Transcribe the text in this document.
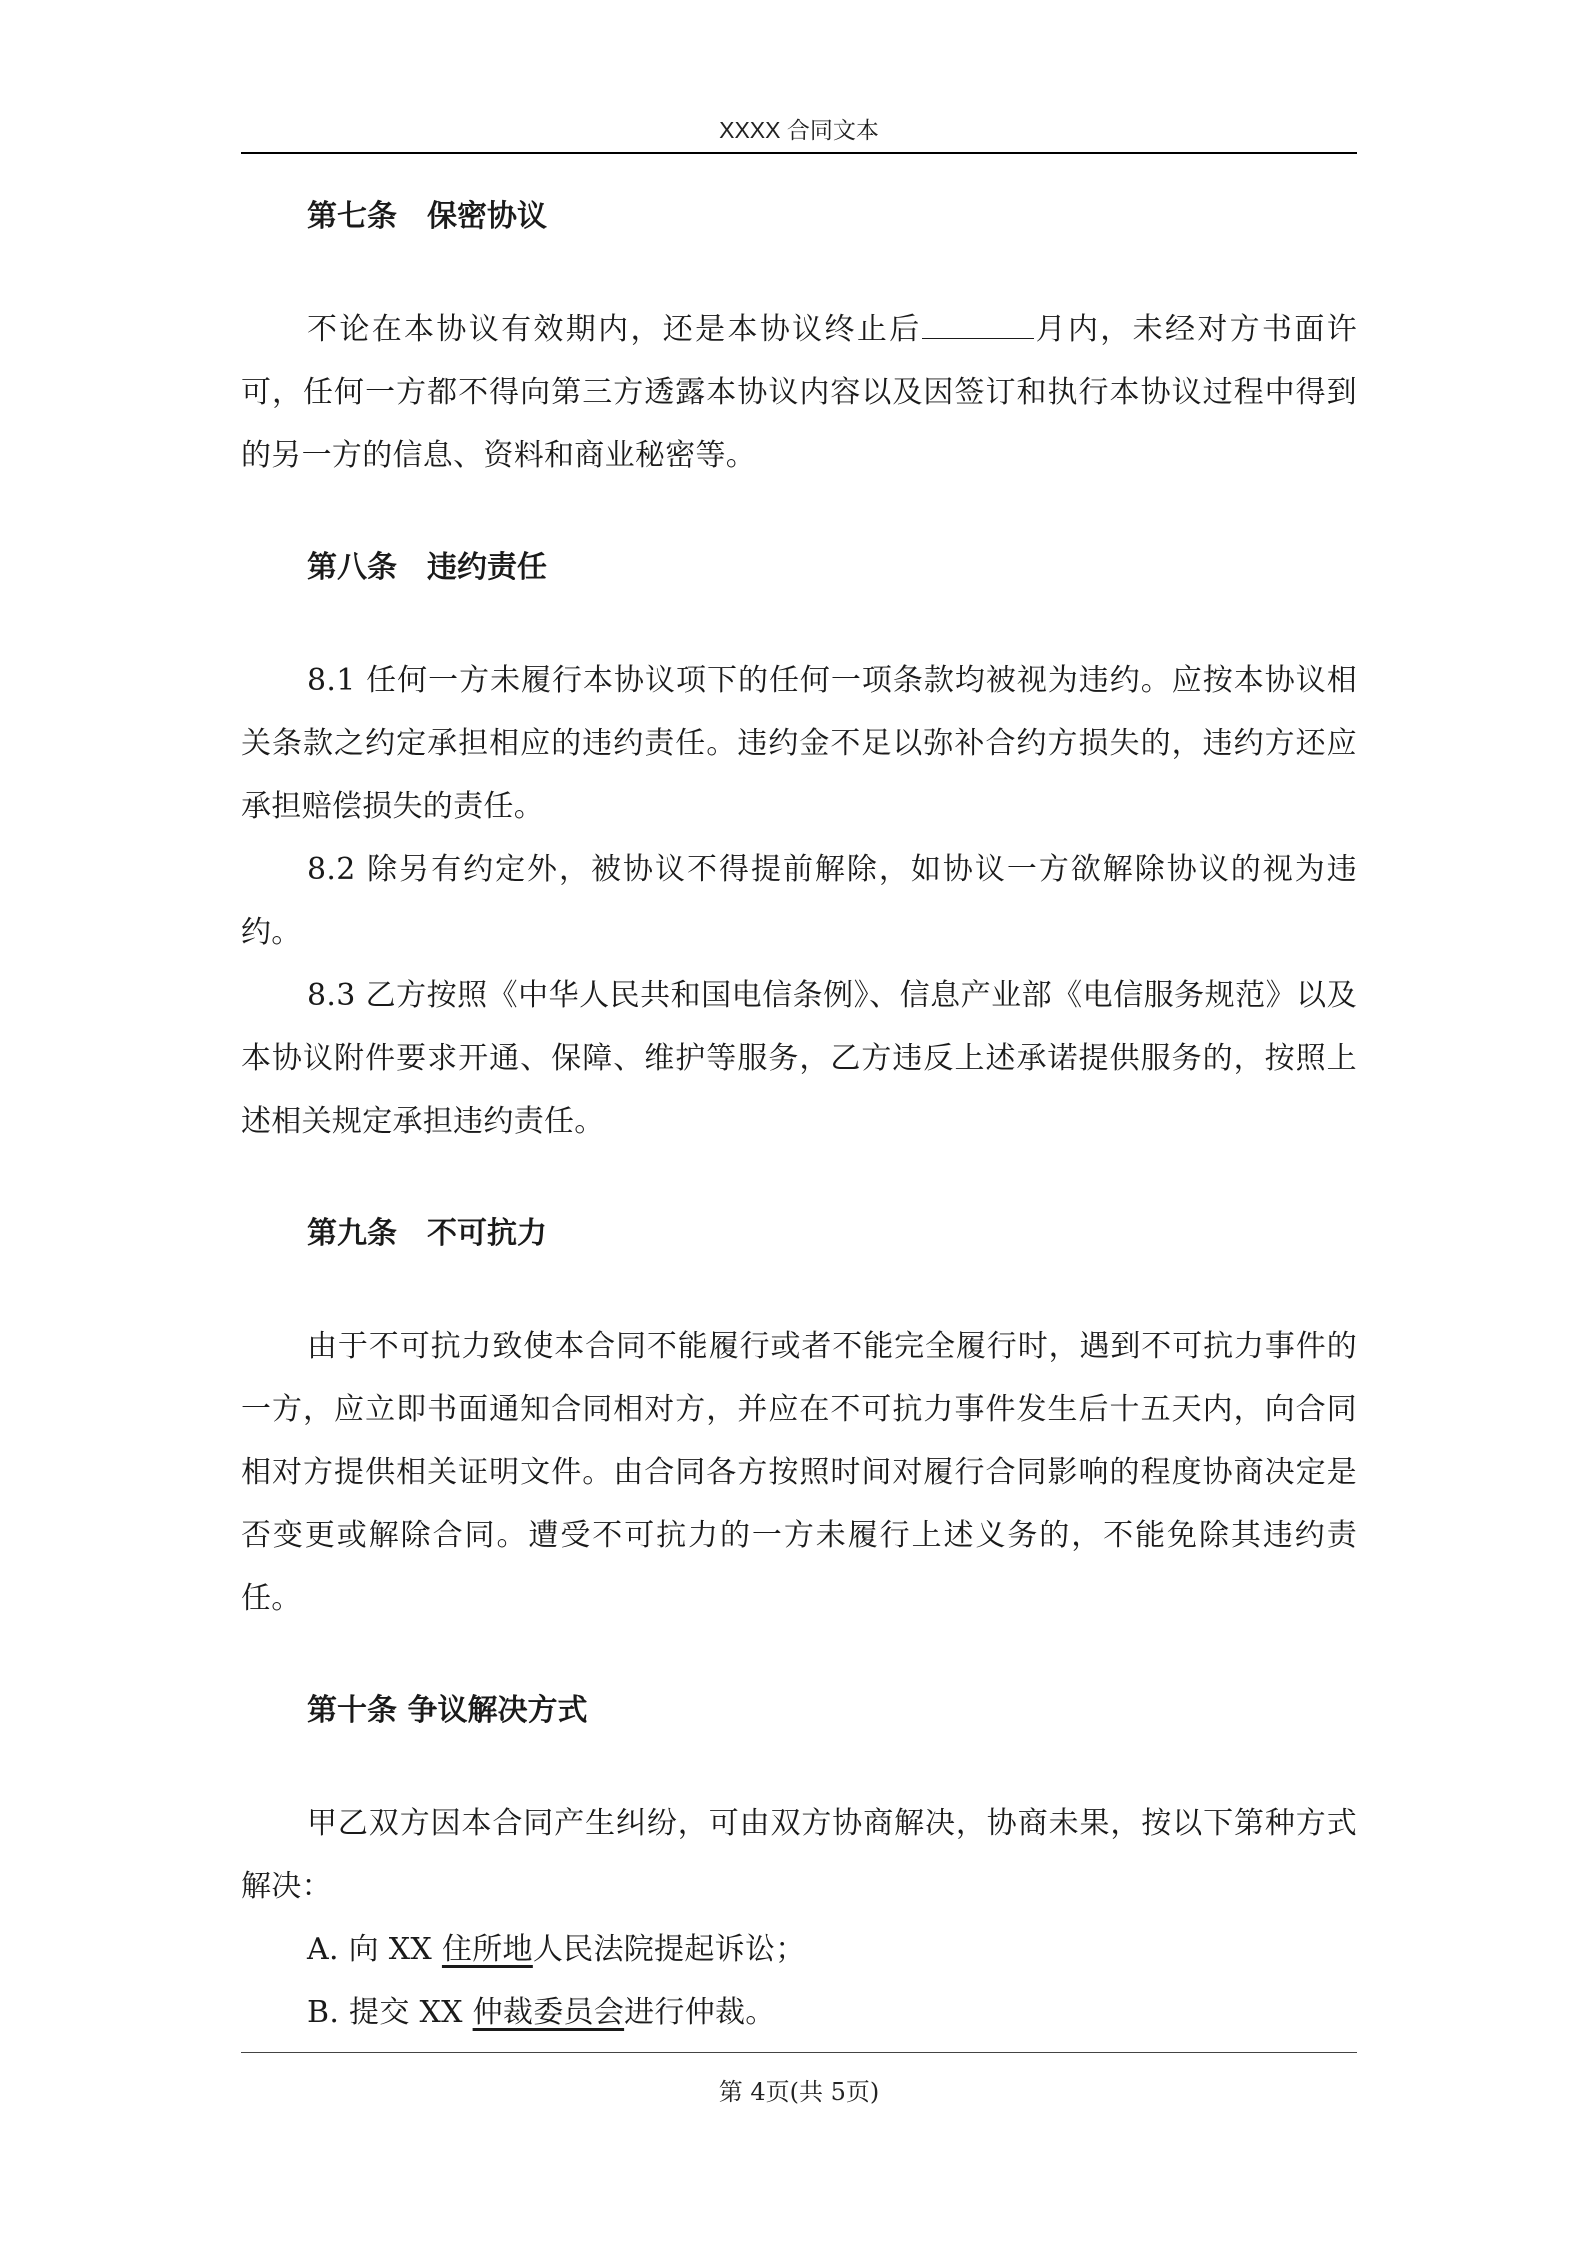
XXXX 合同文本
第七条　保密协议

不论在本协议有效期内，还是本协议终止后	月内，未经对方书面许可，任何一方都不得向第三方透露本协议内容以及因签订和执行本协议过程中得到的另一方的信息、资料和商业秘密等。

第八条　违约责任

8.1 任何一方未履行本协议项下的任何一项条款均被视为违约。应按本协议相关条款之约定承担相应的违约责任。违约金不足以弥补合约方损失的，违约方还应承担赔偿损失的责任。

8.2 除另有约定外，被协议不得提前解除，如协议一方欲解除协议的视为违约。

8.3 乙方按照《中华人民共和国电信条例》、信息产业部《电信服务规范》以及本协议附件要求开通、保障、维护等服务，乙方违反上述承诺提供服务的，按照上述相关规定承担违约责任。

第九条　不可抗力

由于不可抗力致使本合同不能履行或者不能完全履行时，遇到不可抗力事件的一方，应立即书面通知合同相对方，并应在不可抗力事件发生后十五天内，向合同相对方提供相关证明文件。由合同各方按照时间对履行合同影响的程度协商决定是否变更或解除合同。遭受不可抗力的一方未履行上述义务的，不能免除其违约责任。

第十条 争议解决方式

甲乙双方因本合同产生纠纷，可由双方协商解决，协商未果，按以下第种方式解决：

A. 向 XX 住所地人民法院提起诉讼；

B. 提交 XX 仲裁委员会进行仲裁。

第 4页(共 5页)
